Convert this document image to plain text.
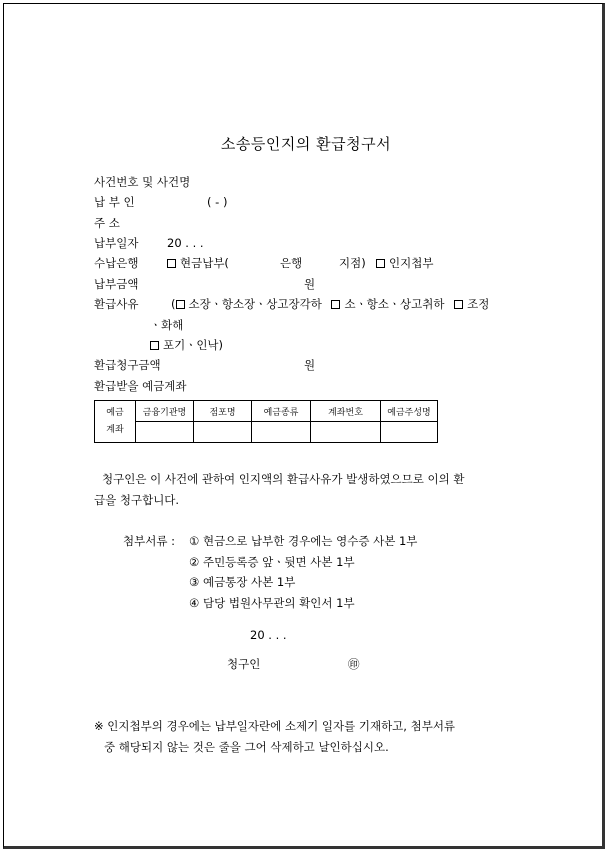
소송등인지의 환급청구서
사건번호 및 사건명
납 부 인	( - )
주 소
납부일자 20 . . .
수납은행	현금납부(	은행	지점)	인지첩부
납부금액	원
환급사유	( 소장ㆍ항소장ㆍ상고장각하 소ㆍ항소ㆍ상고취하 조정
ㆍ화해
포기ㆍ인낙)
환급청구금액	원
환급받을 예금계좌
예금
계좌	금융기관명	점포명	예금종류	계좌번호	예금주성명

청구인은 이 사건에 관하여 인지액의 환급사유가 발생하였으므로 이의 환
급을 청구합니다.
첨부서류 : ① 현금으로 납부한 경우에는 영수증 사본 1부
② 주민등록증 앞ㆍ뒷면 사본 1부
③ 예금통장 사본 1부
④ 담당 법원사무관의 확인서 1부
20 . . .
청구인	㊞
※ 인지첩부의 경우에는 납부일자란에 소제기 일자를 기재하고, 첨부서류
중 해당되지 않는 것은 줄을 그어 삭제하고 날인하십시오.
